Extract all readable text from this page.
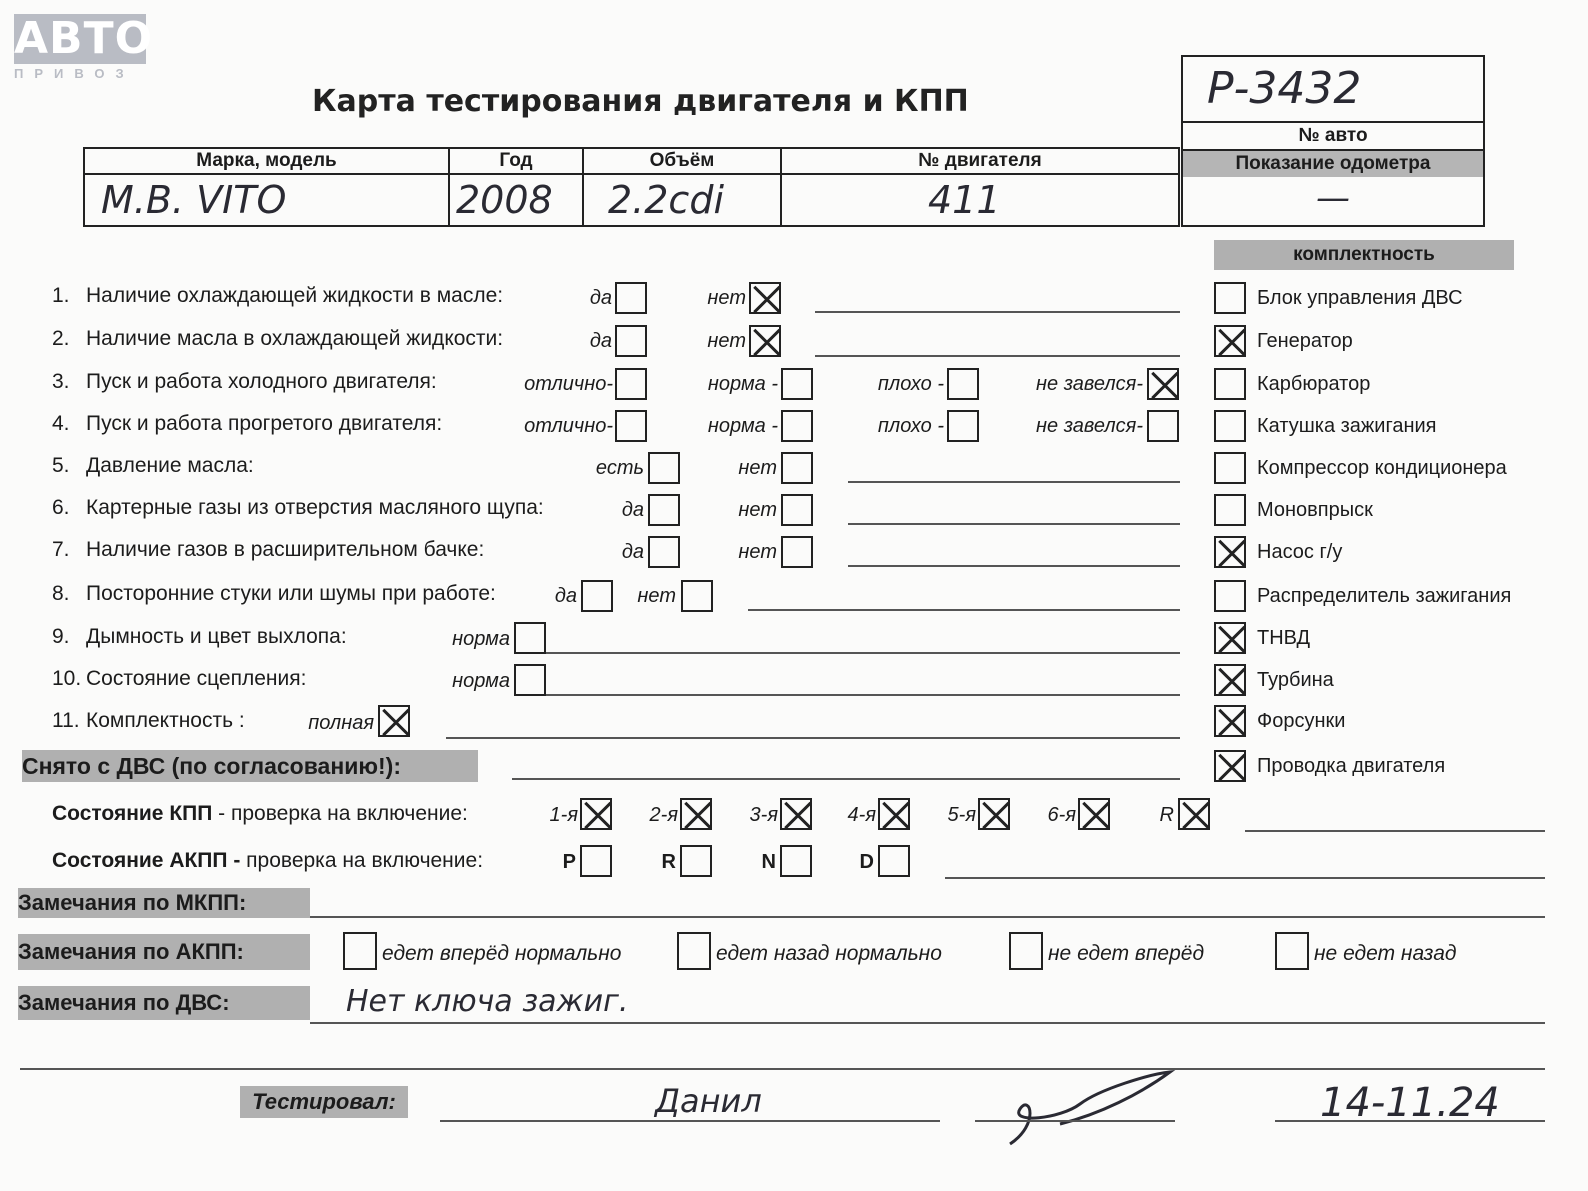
АВТО
ПРИВОЗ
Карта тестирования двигателя и КПП	Р-3432
№ авто
Показание одометра
—
Марка, модель	Год	Объём	№ двигателя
M.B. VITO	2008	2.2cdi	411
комплектность
1. Наличие охлаждающей жидкости в масле:	да	нет
2. Наличие масла в охлаждающей жидкости:	да	нет
3. Пуск и работа холодного двигателя:	отлично-	норма -	плохо -	не завелся-
4. Пуск и работа прогретого двигателя:	отлично-	норма -	плохо -	не завелся-
5. Давление масла:	есть	нет
6. Картерные газы из отверстия масляного щупа:	да	нет
7. Наличие газов в расширительном бачке:	да	нет
8. Посторонние стуки или шумы при работе:	да	нет
9. Дымность и цвет выхлопа:	норма
10. Состояние сцепления:	норма
11. Комплектность :	полная
Блок управления ДВС
Генератор
Карбюратор
Катушка зажигания
Компрессор кондиционера
Моновпрыск
Насос г/у
Распределитель зажигания
ТНВД
Турбина
Форсунки
Проводка двигателя
Снято с ДВС (по согласованию!):
Состояние КПП - проверка на включение:	1-я	2-я	3-я	4-я	5-я	6-я	R
Состояние АКПП - проверка на включение:	P	R	N	D
Замечания по МКПП:
Замечания по АКПП:	едет вперёд нормально	едет назад нормально	не едет вперёд	не едет назад
Замечания по ДВС:	Нет ключа зажиг.
Тестировал:	Данил	14-11.24
